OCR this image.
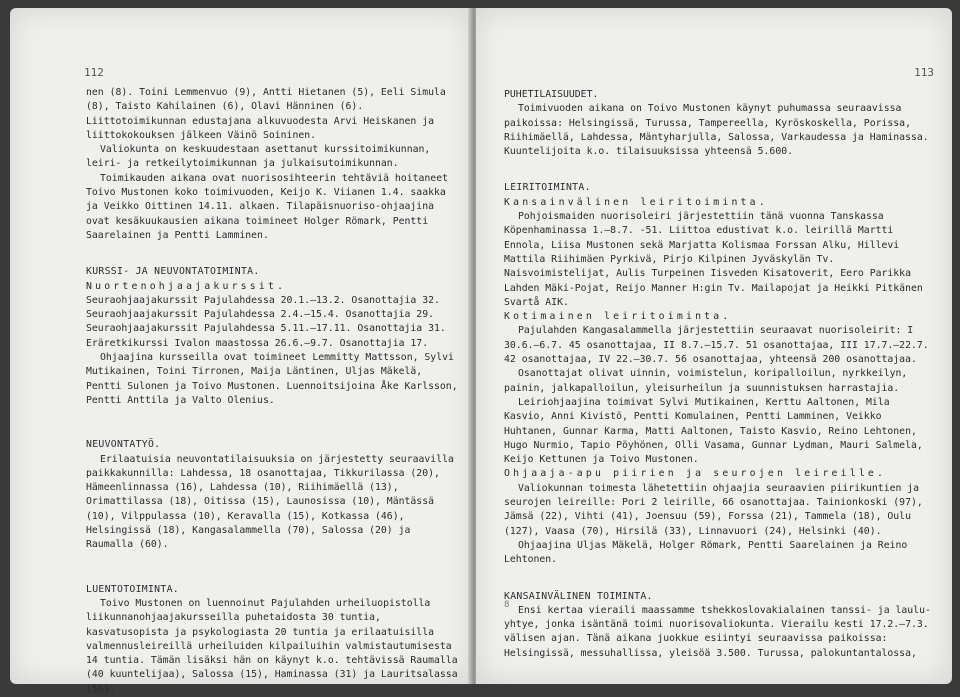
112

nen (8). Toini Lemmenvuo (9), Antti Hietanen (5), Eeli Simula (8), Taisto Kahilainen (6), Olavi Hänninen (6). Liittotoimikunnan edustajana alkuvuodesta Arvi Heiskanen ja liittokokouksen jälkeen Väinö Soininen.

Valiokunta on keskuudestaan asettanut kurssitoimikunnan, leiri- ja retkeilytoimikunnan ja julkaisutoimikunnan.

Toimikauden aikana ovat nuorisosihteerin tehtäviä hoitaneet Toivo Mustonen koko toimivuoden, Keijo K. Viianen 1.4. saakka ja Veikko Oittinen 14.11. alkaen. Tilapäisnuoriso-ohjaajina ovat kesäkuukausien aikana toimineet Holger Römark, Pentti Saarelainen ja Pentti Lamminen.

KURSSI- JA NEUVONTATOIMINTA.

Nuortenohjaajakurssit.

Seuraohjaajakurssit Pajulahdessa 20.1.—13.2. Osanottajia 32.

Seuraohjaajakurssit Pajulahdessa 2.4.—15.4. Osanottajia 29.

Seuraohjaajakurssit Pajulahdessa 5.11.—17.11. Osanottajia 31.

Eräretkikurssi Ivalon maastossa 26.6.—9.7. Osanottajia 17.

Ohjaajina kursseilla ovat toimineet Lemmitty Mattsson, Sylvi Mutikainen, Toini Tirronen, Maija Läntinen, Uljas Mäkelä, Pentti Sulonen ja Toivo Mustonen. Luennoitsijoina Åke Karlsson, Pentti Anttila ja Valto Olenius.

NEUVONTATYÖ.

Erilaatuisia neuvontatilaisuuksia on järjestetty seuraavilla paikkakunnilla: Lahdessa, 18 osanottajaa, Tikkurilassa (20), Hämeenlinnassa (16), Lahdessa (10), Riihimäellä (13), Orimattilassa (18), Oitissa (15), Launosissa (10), Mäntässä (10), Vilppulassa (10), Keravalla (15), Kotkassa (46), Helsingissä (18), Kangasalammella (70), Salossa (20) ja Raumalla (60).

LUENTOTOIMINTA.

Toivo Mustonen on luennoinut Pajulahden urheiluopistolla liikunnanohjaajakursseilla puhetaidosta 30 tuntia, kasvatusopista ja psykologiasta 20 tuntia ja erilaatuisilla valmennusleireillä urheiluiden kilpailuihin valmistautumisesta 14 tuntia. Tämän lisäksi hän on käynyt k.o. tehtävissä Raumalla (40 kuuntelijaa), Salossa (15), Haminassa (31) ja Lauritsalassa (56).

113

PUHETILAISUUDET.

Toimivuoden aikana on Toivo Mustonen käynyt puhumassa seuraavissa paikoissa: Helsingissä, Turussa, Tampereella, Kyröskoskella, Porissa, Riihimäellä, Lahdessa, Mäntyharjulla, Salossa, Varkaudessa ja Haminassa. Kuuntelijoita k.o. tilaisuuksissa yhteensä 5.600.

LEIRITOIMINTA.

Kansainvälinen leiritoiminta.

Pohjoismaiden nuorisoleiri järjestettiin tänä vuonna Tanskassa Köpenhaminassa 1.—8.7. -51. Liittoa edustivat k.o. leirillä Martti Ennola, Liisa Mustonen sekä Marjatta Kolismaa Forssan Alku, Hillevi Mattila Riihimäen Pyrkivä, Pirjo Kilpinen Jyväskylän Tv. Naisvoimistelijat, Aulis Turpeinen Iisveden Kisatoverit, Eero Parikka Lahden Mäki-Pojat, Reijo Manner H:gin Tv. Mailapojat ja Heikki Pitkänen Svartå AIK.

Kotimainen leiritoiminta.

Pajulahden Kangasalammella järjestettiin seuraavat nuorisoleirit: I 30.6.—6.7. 45 osanottajaa, II 8.7.—15.7. 51 osanottajaa, III 17.7.—22.7. 42 osanottajaa, IV 22.—30.7. 56 osanottajaa, yhteensä 200 osanottajaa.

Osanottajat olivat uinnin, voimistelun, koripalloilun, nyrkkeilyn, painin, jalkapalloilun, yleisurheilun ja suunnistuksen harrastajia.

Leiriohjaajina toimivat Sylvi Mutikainen, Kerttu Aaltonen, Mila Kasvio, Anni Kivistö, Pentti Komulainen, Pentti Lamminen, Veikko Huhtanen, Gunnar Karma, Matti Aaltonen, Taisto Kasvio, Reino Lehtonen, Hugo Nurmio, Tapio Pöyhönen, Olli Vasama, Gunnar Lydman, Mauri Salmela, Keijo Kettunen ja Toivo Mustonen.

Ohjaaja-apu piirien ja seurojen leireille.

Valiokunnan toimesta lähetettiin ohjaajia seuraavien piirikuntien ja seurojen leireille: Pori 2 leirille, 66 osanottajaa. Tainionkoski (97), Jämsä (22), Vihti (41), Joensuu (59), Forssa (21), Tammela (18), Oulu (127), Vaasa (70), Hirsilä (33), Linnavuori (24), Helsinki (40).

Ohjaajina Uljas Mäkelä, Holger Römark, Pentti Saarelainen ja Reino Lehtonen.

KANSAINVÄLINEN TOIMINTA.

Ensi kertaa vieraili maassamme tshekkoslovakialainen tanssi- ja laulu-yhtye, jonka isäntänä toimi nuorisovaliokunta. Vierailu kesti 17.2.—7.3. välisen ajan. Tänä aikana juokkue esiintyi seuraavissa paikoissa: Helsingissä, messuhallissa, yleisöä 3.500. Turussa, palokuntantalossa,

8
